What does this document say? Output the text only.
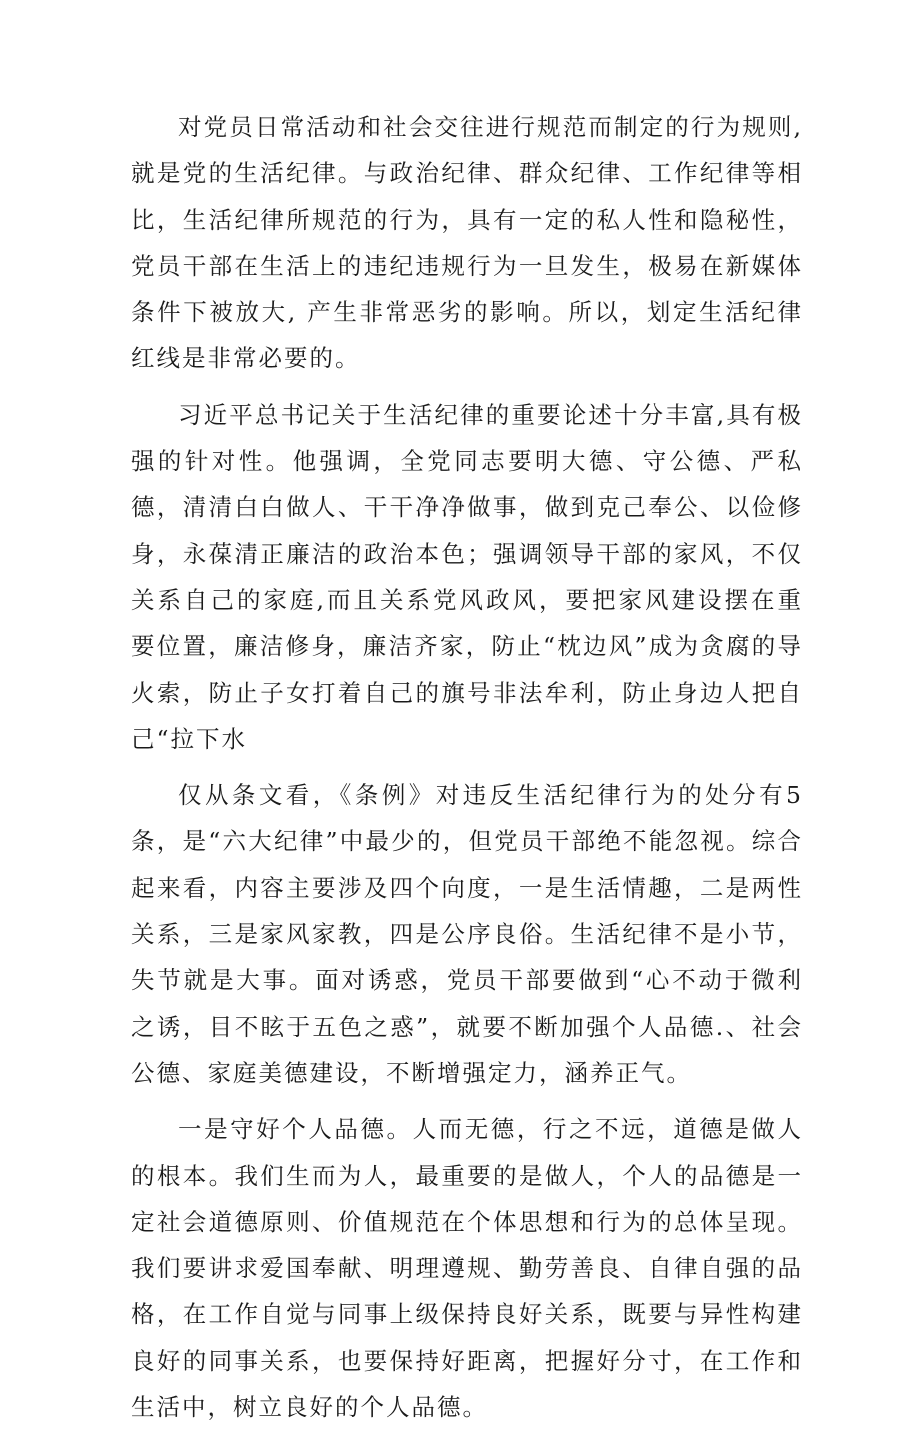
对党员日常活动和社会交往进行规范而制定的行为规则,就是党的生活纪律。与政治纪律、群众纪律、工作纪律等相比，生活纪律所规范的行为，具有一定的私人性和隐秘性，党员干部在生活上的违纪违规行为一旦发生，极易在新媒体条件下被放大, 产生非常恶劣的影响。所以，划定生活纪律红线是非常必要的。

习近平总书记关于生活纪律的重要论述十分丰富,具有极强的针对性。他强调，全党同志要明大德、守公德、严私德，清清白白做人、干干净净做事，做到克己奉公、以俭修身，永葆清正廉洁的政治本色；强调领导干部的家风，不仅关系自己的家庭,而且关系党风政风，要把家风建设摆在重要位置，廉洁修身，廉洁齐家，防止“枕边风”成为贪腐的导火索，防止子女打着自己的旗号非法牟利，防止身边人把自己“拉下水

仅从条文看，《条例》对违反生活纪律行为的处分有5条，是“六大纪律”中最少的，但党员干部绝不能忽视。综合起来看，内容主要涉及四个向度，一是生活情趣，二是两性关系，三是家风家教，四是公序良俗。生活纪律不是小节，失节就是大事。面对诱惑，党员干部要做到“心不动于微利之诱，目不眩于五色之惑”，就要不断加强个人品德.、社会公德、家庭美德建设，不断增强定力，涵养正气。

一是守好个人品德。人而无德，行之不远，道德是做人的根本。我们生而为人，最重要的是做人，个人的品德是一定社会道德原则、价值规范在个体思想和行为的总体呈现。我们要讲求爱国奉献、明理遵规、勤劳善良、自律自强的品格，在工作自觉与同事上级保持良好关系，既要与异性构建良好的同事关系，也要保持好距离，把握好分寸，在工作和生活中，树立良好的个人品德。
